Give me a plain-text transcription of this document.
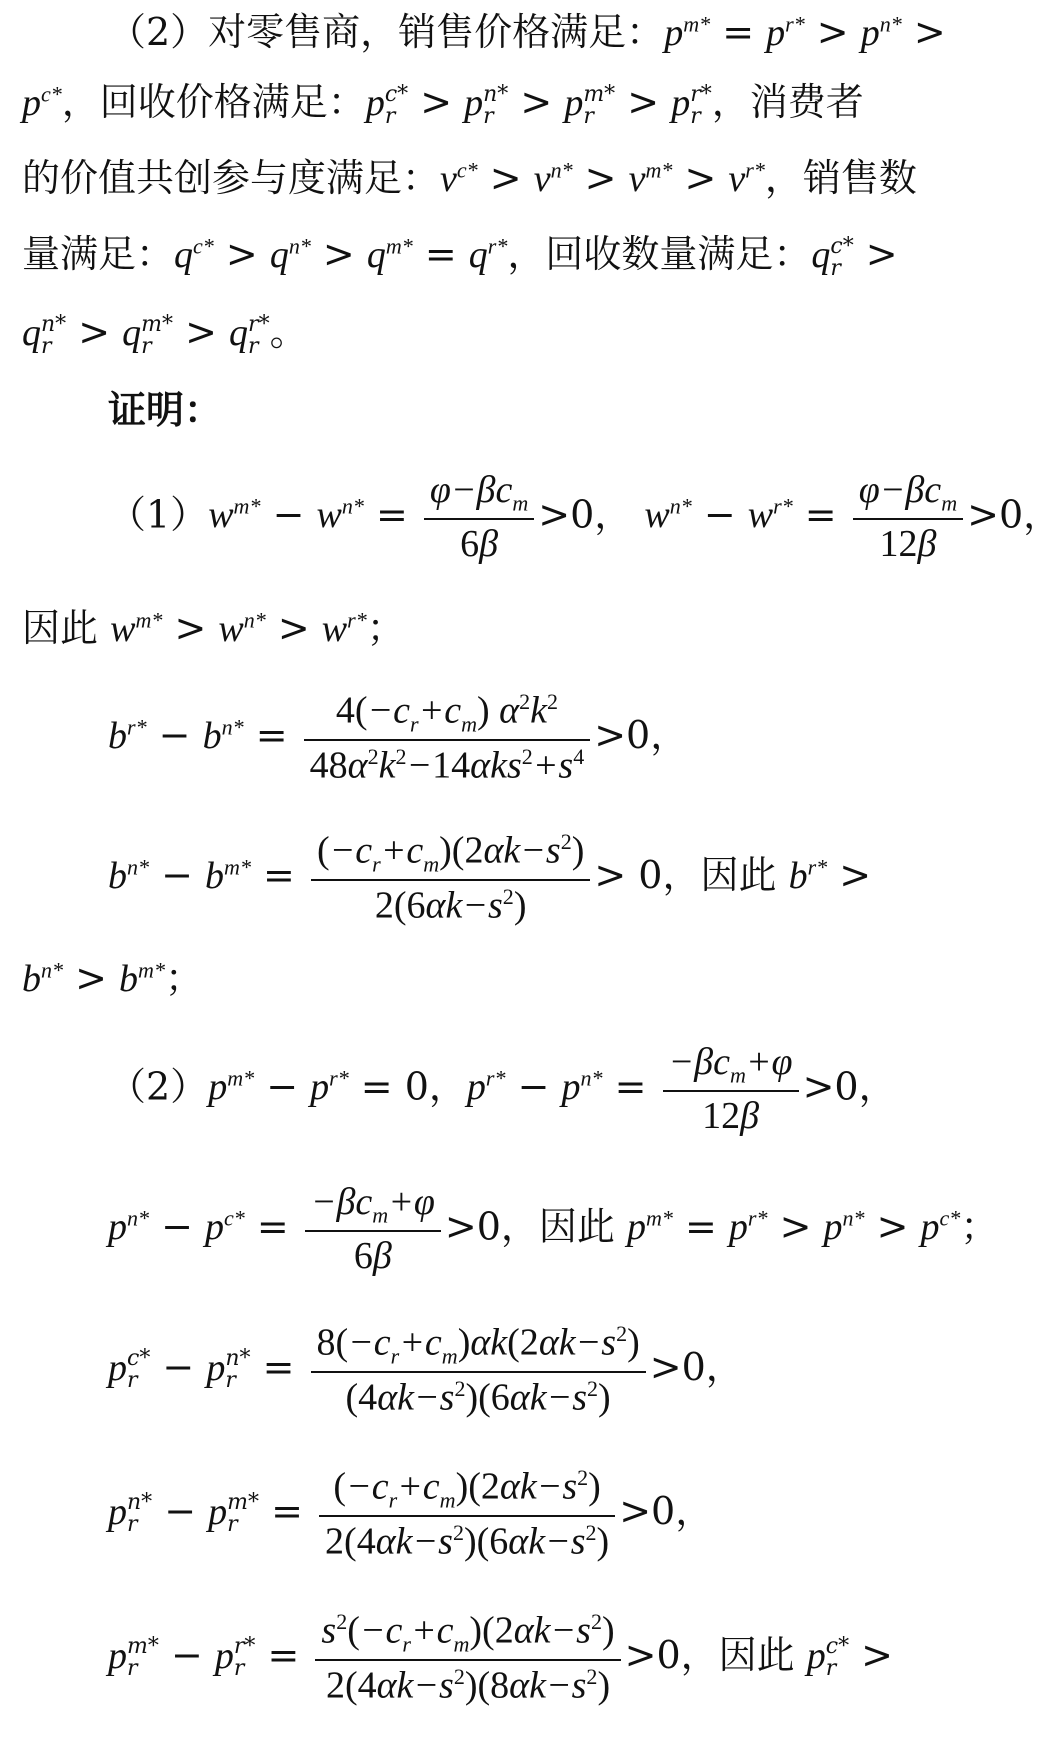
（2）对零售商，销售价格满足：$p^{m*} = p^{r*} > p^{n*}$ >
$p^{c*}$，回收价格满足：p c*
r > p n*
r > p m*
r > p r*
r ，消费者
的价值共创参与度满足：$v^{c*} > v^{n*} > v^{m*} > v^{r*}$，销售数
量满足：$q^{c*} > q^{n*} > q^{m*} = q^{r*}$，回收数量满足：q c*
r >
q n*
r > q m*
r > q r*
r 。
证明：
$(1)w^{m*} - w^{n*} = \frac{\varphi-\beta c_m}{6\beta} >0$， $w^{n*} - w^{r*} = \frac{\varphi-\beta c_m}{12\beta} >0$，
因此 $w^{m*} > w^{n*} > w^{r*}$；
$b^{r*} - b^{n*} = \frac{4(-c_r+c_m) \alpha^2k^2}{48\alpha^2k^2-14\alpha ks^2+s^4} >0$，
$b^{n*} - b^{m*} = \frac{(-c_r+c_m)(2\alpha k-s^2)}{2(6\alpha k-s^2)} > 0$，因此 $b^{r*}$ >
$b^{n*} > b^{m*}$；
$(2)p^{m*} - p^{r*} = 0$，$p^{r*} - p^{n*} = \frac{-\beta c_m+\varphi}{12\beta} >0$，
$p^{n*} - p^{c*} = \frac{-\beta c_m+\varphi}{6\beta} >0$，因此 $p^{m*} = p^{r*} > p^{n*} > p^{c*}$；
p c*
r − p n*
$r = \frac{8(-c_r+c_m)\alpha k(2\alpha k-s^2)}{(4\alpha k-s^2)(6\alpha k-s^2)} >0$，
p n*
r − p m*
$r = \frac{(-c_r+c_m)(2\alpha k-s^2)}{2(4\alpha k-s^2)(6\alpha k-s^2)} >0$，
p m*
r − p r*
$r = \frac{s^2(-c_r+c_m)(2\alpha k-s^2)}{2(4\alpha k-s^2)(8\alpha k-s^2)} >0$，因此 p c*
r >
